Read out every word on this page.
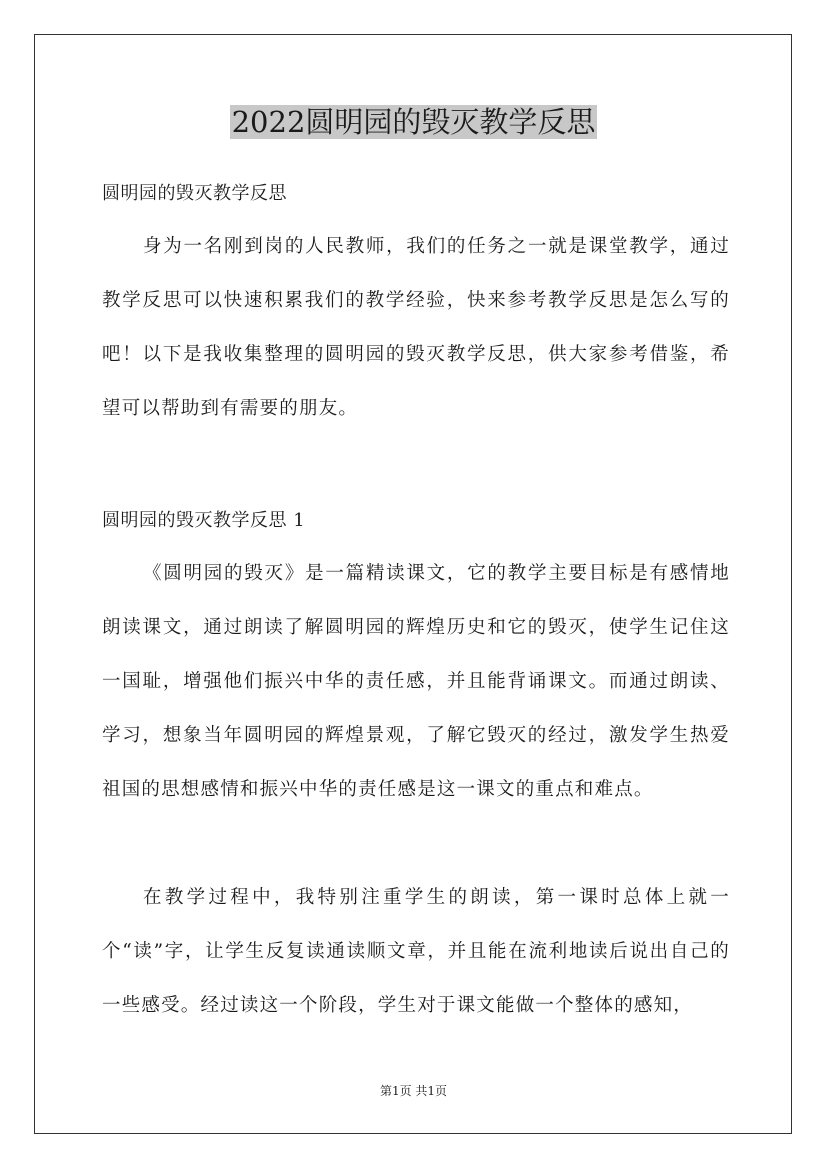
2022圆明园的毁灭教学反思
圆明园的毁灭教学反思

身为一名刚到岗的人民教师，我们的任务之一就是课堂教学，通过教学反思可以快速积累我们的教学经验，快来参考教学反思是怎么写的吧！以下是我收集整理的圆明园的毁灭教学反思，供大家参考借鉴，希望可以帮助到有需要的朋友。

圆明园的毁灭教学反思 1

《圆明园的毁灭》是一篇精读课文，它的教学主要目标是有感情地朗读课文，通过朗读了解圆明园的辉煌历史和它的毁灭，使学生记住这一国耻，增强他们振兴中华的责任感，并且能背诵课文。而通过朗读、学习，想象当年圆明园的辉煌景观，了解它毁灭的经过，激发学生热爱祖国的思想感情和振兴中华的责任感是这一课文的重点和难点。

在教学过程中，我特别注重学生的朗读，第一课时总体上就一个“读”字，让学生反复读通读顺文章，并且能在流利地读后说出自己的一些感受。经过读这一个阶段，学生对于课文能做一个整体的感知，

第1页 共1页
